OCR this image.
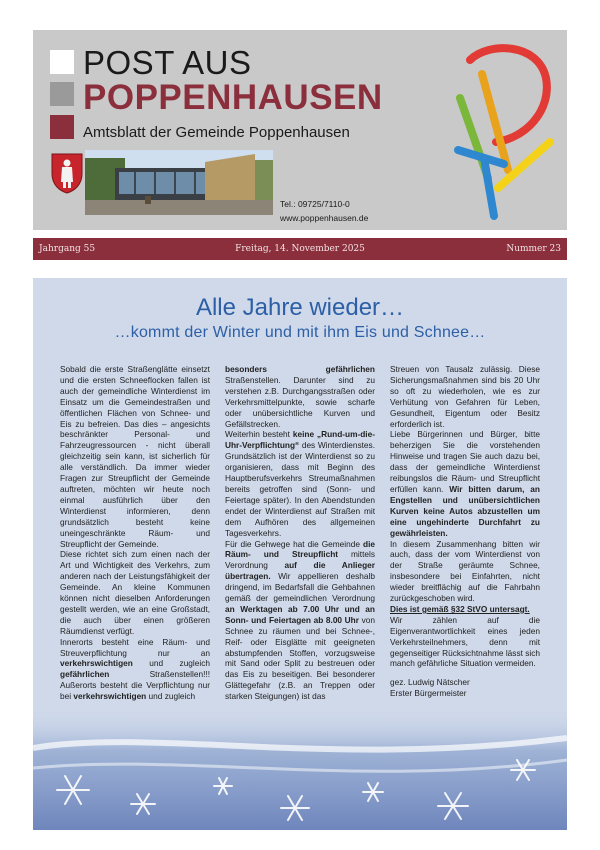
POST AUS
POPPENHAUSEN
Amtsblatt der Gemeinde Poppenhausen
Tel.: 09725/7110-0
www.poppenhausen.de
Freitag, 14. November 2025
Jahrgang 55	Nummer 23
Alle Jahre wieder…
…kommt der Winter und mit ihm Eis und Schnee…

Sobald die erste Straßenglätte einsetzt und die ersten Schneeflocken fallen ist auch der gemeindliche Winterdienst im Einsatz um die Gemeindestraßen und öffentlichen Flächen von Schnee- und Eis zu befreien. Das dies – angesichts beschränkter Personal- und Fahrzeugressourcen - nicht überall gleichzeitig sein kann, ist sicherlich für alle verständlich. Da immer wieder Fragen zur Streupflicht der Gemeinde auftreten, möchten wir heute noch einmal ausführlich über den Winterdienst informieren, denn grundsätzlich besteht keine uneingeschränkte Räum- und Streupflicht der Gemeinde.

Diese richtet sich zum einen nach der Art und Wichtigkeit des Verkehrs, zum anderen nach der Leistungsfähigkeit der Gemeinde. An kleine Kommunen können nicht dieselben Anforderungen gestellt werden, wie an eine Großstadt, die auch über einen größeren Räumdienst verfügt.

Innerorts besteht eine Räum- und Streuverpflichtung nur an verkehrswichtigen und zugleich gefährlichen Straßenstellen!!! Außerorts besteht die Verpflichtung nur bei verkehrswichtigen und zugleich

besonders gefährlichen Straßenstellen. Darunter sind zu verstehen z.B. Durchgangsstraßen oder Verkehrsmittelpunkte, sowie scharfe oder unübersichtliche Kurven und Gefällstrecken.

Weiterhin besteht keine „Rund-um-die-Uhr-Verpflichtung“ des Winterdienstes. Grundsätzlich ist der Winterdienst so zu organisieren, dass mit Beginn des Hauptberufsverkehrs Streumaßnahmen bereits getroffen sind (Sonn- und Feiertage später). In den Abendstunden endet der Winterdienst auf Straßen mit dem Aufhören des allgemeinen Tagesverkehrs.

Für die Gehwege hat die Gemeinde die Räum- und Streupflicht mittels Verordnung auf die Anlieger übertragen. Wir appellieren deshalb dringend, im Bedarfsfall die Gehbahnen gemäß der gemeindlichen Verordnung an Werktagen ab 7.00 Uhr und an Sonn- und Feiertagen ab 8.00 Uhr von Schnee zu räumen und bei Schnee-, Reif- oder Eisglätte mit geeigneten abstumpfenden Stoffen, vorzugsweise mit Sand oder Split zu bestreuen oder das Eis zu beseitigen. Bei besonderer Glättegefahr (z.B. an Treppen oder starken Steigungen) ist das

Streuen von Tausalz zulässig. Diese Sicherungsmaßnahmen sind bis 20 Uhr so oft zu wiederholen, wie es zur Verhütung von Gefahren für Leben, Gesundheit, Eigentum oder Besitz erforderlich ist.

Liebe Bürgerinnen und Bürger, bitte beherzigen Sie die vorstehenden Hinweise und tragen Sie auch dazu bei, dass der gemeindliche Winterdienst reibungslos die Räum- und Streupflicht erfüllen kann. Wir bitten darum, an Engstellen und unübersichtlichen Kurven keine Autos abzustellen um eine ungehinderte Durchfahrt zu gewährleisten.

In diesem Zusammenhang bitten wir auch, dass der vom Winterdienst von der Straße geräumte Schnee, insbesondere bei Einfahrten, nicht wieder breitflächig auf die Fahrbahn zurückgeschoben wird.

Dies ist gemäß §32 StVO untersagt.

Wir zählen auf die Eigenverantwortlichkeit eines jeden Verkehrsteilnehmers, denn mit gegenseitiger Rücksichtnahme lässt sich manch gefährliche Situation vermeiden.

gez. Ludwig Nätscher
Erster Bürgermeister
